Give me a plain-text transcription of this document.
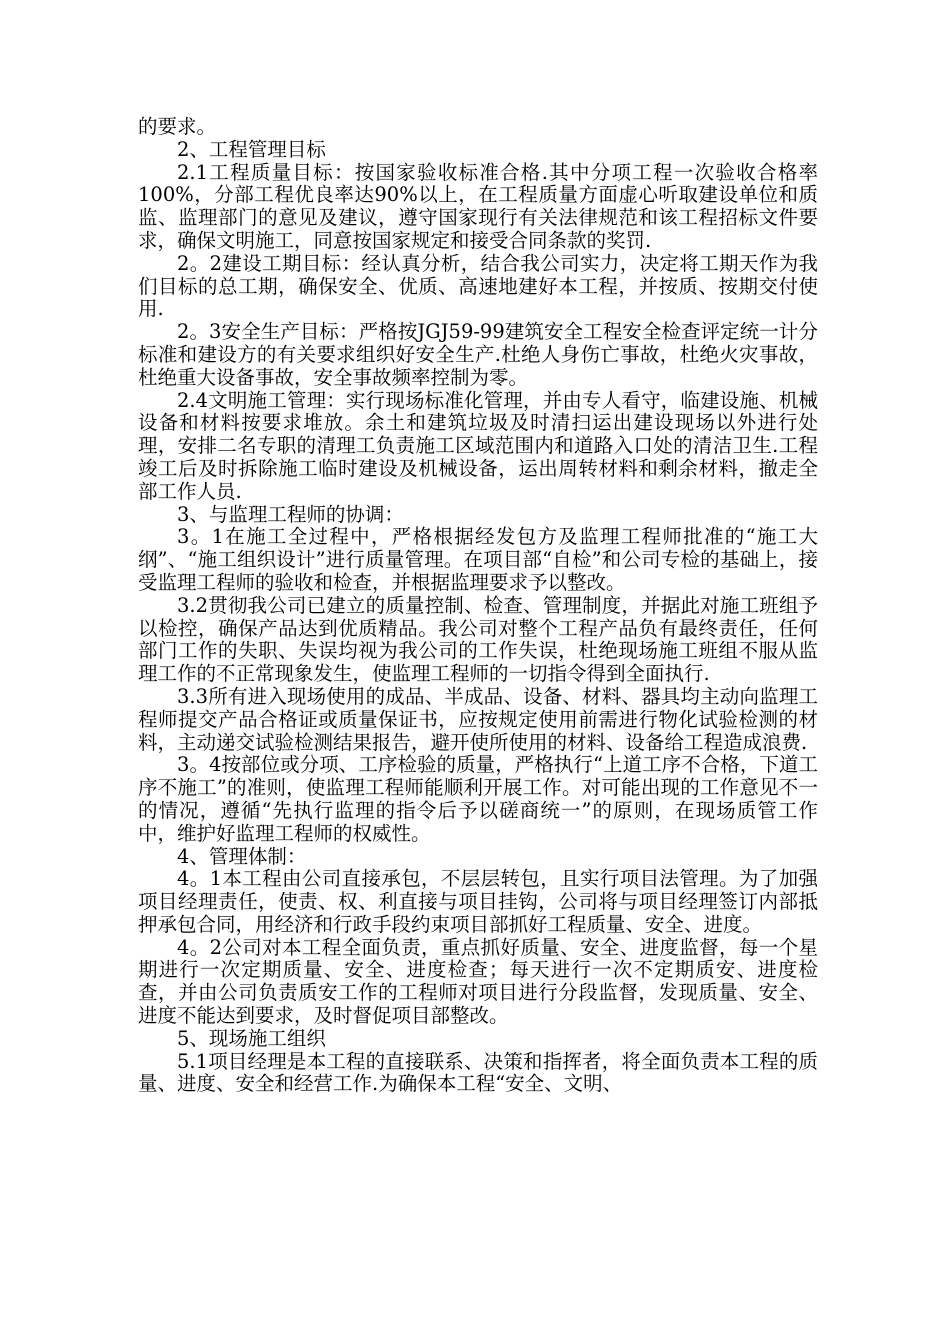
的要求。

2、工程管理目标

2.1工程质量目标：按国家验收标准合格.其中分项工程一次验收合格率100%，分部工程优良率达90%以上，在工程质量方面虚心听取建设单位和质监、监理部门的意见及建议，遵守国家现行有关法律规范和该工程招标文件要求，确保文明施工，同意按国家规定和接受合同条款的奖罚.

2。2建设工期目标：经认真分析，结合我公司实力，决定将工期天作为我们目标的总工期，确保安全、优质、高速地建好本工程，并按质、按期交付使用.

2。3安全生产目标：严格按JGJ59-99建筑安全工程安全检查评定统一计分标准和建设方的有关要求组织好安全生产.杜绝人身伤亡事故，杜绝火灾事故，杜绝重大设备事故，安全事故频率控制为零。

2.4文明施工管理：实行现场标准化管理，并由专人看守，临建设施、机械设备和材料按要求堆放。余土和建筑垃圾及时清扫运出建设现场以外进行处理，安排二名专职的清理工负责施工区域范围内和道路入口处的清洁卫生.工程竣工后及时拆除施工临时建设及机械设备，运出周转材料和剩余材料，撤走全部工作人员.

3、与监理工程师的协调：

3。1在施工全过程中，严格根据经发包方及监理工程师批准的“施工大纲”、“施工组织设计”进行质量管理。在项目部“自检”和公司专检的基础上，接受监理工程师的验收和检查，并根据监理要求予以整改。

3.2贯彻我公司已建立的质量控制、检查、管理制度，并据此对施工班组予以检控，确保产品达到优质精品。我公司对整个工程产品负有最终责任，任何部门工作的失职、失误均视为我公司的工作失误，杜绝现场施工班组不服从监理工作的不正常现象发生，使监理工程师的一切指令得到全面执行.

3.3所有进入现场使用的成品、半成品、设备、材料、器具均主动向监理工程师提交产品合格证或质量保证书，应按规定使用前需进行物化试验检测的材料，主动递交试验检测结果报告，避开使所使用的材料、设备给工程造成浪费.

3。4按部位或分项、工序检验的质量，严格执行“上道工序不合格，下道工序不施工”的准则，使监理工程师能顺利开展工作。对可能出现的工作意见不一的情况，遵循“先执行监理的指令后予以磋商统一”的原则，在现场质管工作中，维护好监理工程师的权威性。

4、管理体制：

4。1本工程由公司直接承包，不层层转包，且实行项目法管理。为了加强项目经理责任，使责、权、利直接与项目挂钩，公司将与项目经理签订内部抵押承包合同，用经济和行政手段约束项目部抓好工程质量、安全、进度。

4。2公司对本工程全面负责，重点抓好质量、安全、进度监督，每一个星期进行一次定期质量、安全、进度检查；每天进行一次不定期质安、进度检查，并由公司负责质安工作的工程师对项目进行分段监督，发现质量、安全、进度不能达到要求，及时督促项目部整改。

5、现场施工组织

5.1项目经理是本工程的直接联系、决策和指挥者，将全面负责本工程的质量、进度、安全和经营工作.为确保本工程“安全、文明、
